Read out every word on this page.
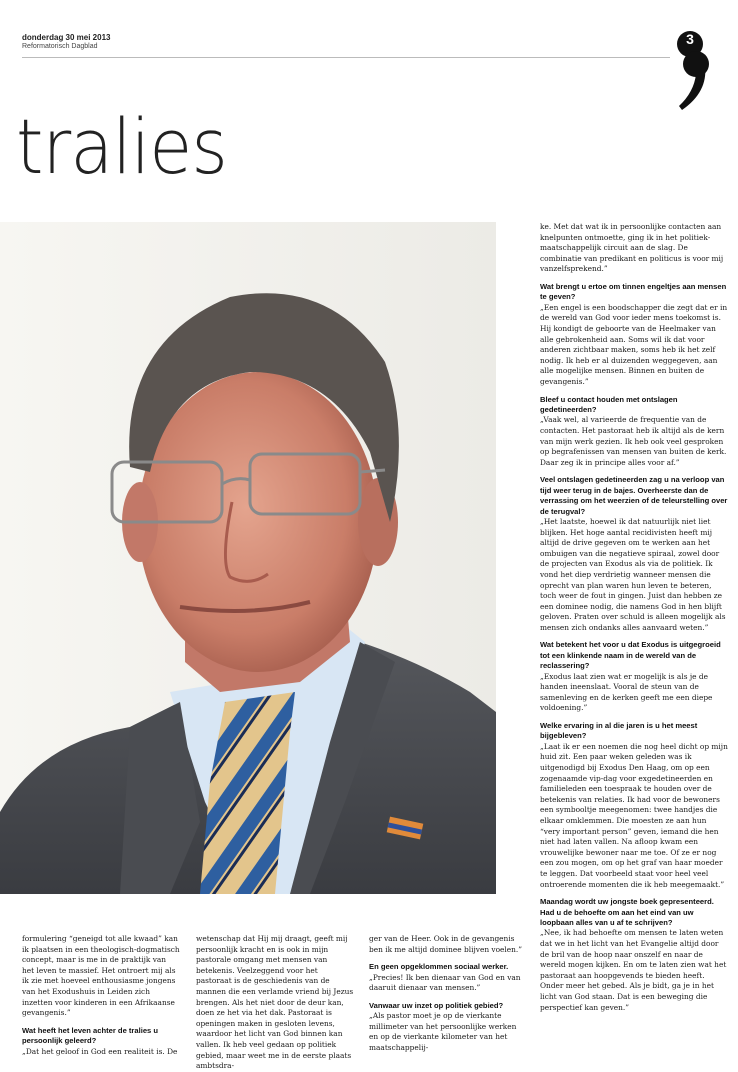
donderdag 30 mei 2013
Reformatorisch Dagblad	3
tralies

ke. Met dat wat ik in persoonlijke contacten aan knelpunten ontmoette, ging ik in het politiek-maatschappelijk circuit aan de slag. De combinatie van predikant en politicus is voor mij vanzelfsprekend.”

Wat brengt u ertoe om tinnen engeltjes aan mensen te geven?

„Een engel is een boodschapper die zegt dat er in de wereld van God voor ieder mens toekomst is. Hij kondigt de geboorte van de Heelmaker van alle gebrokenheid aan. Soms wil ik dat voor anderen zichtbaar maken, soms heb ik het zelf nodig. Ik heb er al duizenden weggegeven, aan alle mogelijke mensen. Binnen en buiten de gevangenis.”

Bleef u contact houden met ontslagen gedetineerden?

„Vaak wel, al varieerde de frequentie van de contacten. Het pastoraat heb ik altijd als de kern van mijn werk gezien. Ik heb ook veel gesproken op begrafenissen van mensen van buiten de kerk. Daar zeg ik in principe alles voor af.”

Veel ontslagen gedetineerden zag u na verloop van tijd weer terug in de bajes. Overheerste dan de verrassing om het weerzien of de teleurstelling over de terugval?

„Het laatste, hoewel ik dat natuurlijk niet liet blijken. Het hoge aantal recidivisten heeft mij altijd de drive gegeven om te werken aan het ombuigen van die negatieve spiraal, zowel door de projecten van Exodus als via de politiek. Ik vond het diep verdrietig wanneer mensen die oprecht van plan waren hun leven te beteren, toch weer de fout in gingen. Juist dan hebben ze een dominee nodig, die namens God in hen blijft geloven. Praten over schuld is alleen mogelijk als mensen zich ondanks alles aanvaard weten.”

Wat betekent het voor u dat Exodus is uitgegroeid tot een klinkende naam in de wereld van de reclassering?

„Exodus laat zien wat er mogelijk is als je de handen ineenslaat. Vooral de steun van de samenleving en de kerken geeft me een diepe voldoening.”

Welke ervaring in al die jaren is u het meest bijgebleven?

„Laat ik er een noemen die nog heel dicht op mijn huid zit. Een paar weken geleden was ik uitgenodigd bij Exodus Den Haag, om op een zogenaamde vip-dag voor exgedetineerden en familieleden een toespraak te houden over de betekenis van relaties. Ik had voor de bewoners een symbooltje meegenomen: twee handjes die elkaar omklemmen. Die moesten ze aan hun “very important person” geven, iemand die hen niet had laten vallen. Na afloop kwam een vrouwelijke bewoner naar me toe. Of ze er nog een zou mogen, om op het graf van haar moeder te leggen. Dat voorbeeld staat voor heel veel ontroerende momenten die ik heb meegemaakt.”

Maandag wordt uw jongste boek gepresenteerd. Had u de behoefte om aan het eind van uw loopbaan alles van u af te schrijven?

„Nee, ik had behoefte om mensen te laten weten dat we in het licht van het Evangelie altijd door de bril van de hoop naar onszelf en naar de wereld mogen kijken. En om te laten zien wat het pastoraat aan hoopgevends te bieden heeft. Onder meer het gebed. Als je bidt, ga je in het licht van God staan. Dat is een beweging die perspectief kan geven.”

formulering “geneigd tot alle kwaad” kan ik plaatsen in een theologisch-dogmatisch concept, maar is me in de praktijk van het leven te massief. Het ontroert mij als ik zie met hoeveel enthousiasme jongens van het Exodushuis in Leiden zich inzetten voor kinderen in een Afrikaanse gevangenis.”

Wat heeft het leven achter de tralies u persoonlijk geleerd?

„Dat het geloof in God een realiteit is. De

wetenschap dat Hij mij draagt, geeft mij persoonlijk kracht en is ook in mijn pastorale omgang met mensen van betekenis. Veelzeggend voor het pastoraat is de geschiedenis van de mannen die een verlamde vriend bij Jezus brengen. Als het niet door de deur kan, doen ze het via het dak. Pastoraat is openingen maken in gesloten levens, waardoor het licht van God binnen kan vallen. Ik heb veel gedaan op politiek gebied, maar weet me in de eerste plaats ambtsdra-

ger van de Heer. Ook in de gevangenis ben ik me altijd dominee blijven voelen.”

En geen opgeklommen sociaal werker.

„Precies! Ik ben dienaar van God en van daaruit dienaar van mensen.”

Vanwaar uw inzet op politiek gebied?

„Als pastor moet je op de vierkante millimeter van het persoonlijke werken en op de vierkante kilometer van het maatschappelij-
